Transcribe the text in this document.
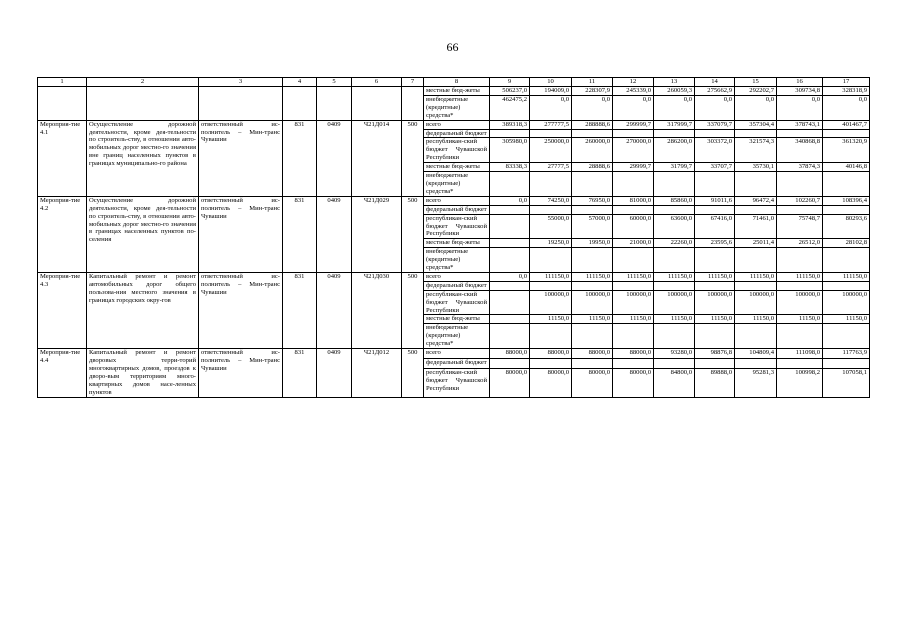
66
1	2	3	4	5	6	7	8	9	10	11	12	13	14	15	16	17
							местные бюд-жеты	506237,0	194009,0	228307,9	245339,0	260059,3	275662,9	292202,7	309734,8	328318,9
							внебюджетные (кредитные) средства*	462475,2	0,0	0,0	0,0	0,0	0,0	0,0	0,0	0,0
Мероприя-тие 4.1	Осуществление дорожной деятельности, кроме дея-тельности по строитель-ству, в отношении авто-мобильных дорог местно-го значения вне границ населенных пунктов в границах муниципально-го района	ответственный ис-полнитель – Мин-транс Чувашии	831	0409	Ч21Д014	500	всего	389318,3	277777,5	288888,6	299999,7	317999,7	337079,7	357304,4	378743,1	401467,7
							федеральный бюджет									
							республикан-ский бюджет Чувашской Республики	305980,0	250000,0	260000,0	270000,0	286200,0	303372,0	321574,3	340868,8	361320,9
							местные бюд-жеты	83338,3	27777,5	28888,6	29999,7	31799,7	33707,7	35730,1	37874,3	40146,8
							внебюджетные (кредитные) средства*									
Мероприя-тие 4.2	Осуществление дорожной деятельности, кроме дея-тельности по строитель-ству, в отношении авто-мобильных дорог местно-го значения в границах населенных пунктов по-селения	ответственный ис-полнитель – Мин-транс Чувашии	831	0409	Ч21Д029	500	всего	0,0	74250,0	76950,0	81000,0	85860,0	91011,6	96472,4	102260,7	108396,4
							федеральный бюджет									
							республикан-ский бюджет Чувашской Республики		55000,0	57000,0	60000,0	63600,0	67416,0	71461,0	75748,7	80293,6
							местные бюд-жеты		19250,0	19950,0	21000,0	22260,0	23595,6	25011,4	26512,0	28102,8
							внебюджетные (кредитные) средства*									
Мероприя-тие 4.3	Капитальный ремонт и ремонт автомобильных дорог общего пользова-ния местного значения в границах городских окру-гов	ответственный ис-полнитель – Мин-транс Чувашии	831	0409	Ч21Д030	500	всего	0,0	111150,0	111150,0	111150,0	111150,0	111150,0	111150,0	111150,0	111150,0
							федеральный бюджет									
							республикан-ский бюджет Чувашской Республики		100000,0	100000,0	100000,0	100000,0	100000,0	100000,0	100000,0	100000,0
							местные бюд-жеты		11150,0	11150,0	11150,0	11150,0	11150,0	11150,0	11150,0	11150,0
							внебюджетные (кредитные) средства*									
Мероприя-тие 4.4	Капитальный ремонт и ремонт дворовых терри-торий многоквартирных домов, проездов к дворо-вым территориям много-квартирных домов насе-ленных пунктов	ответственный ис-полнитель – Мин-транс Чувашии	831	0409	Ч21Д012	500	всего	88000,0	88000,0	88000,0	88000,0	93280,0	98876,8	104809,4	111098,0	117763,9
							федеральный бюджет									
							республикан-ский бюджет Чувашской Республики	80000,0	80000,0	80000,0	80000,0	84800,0	89888,0	95281,3	100998,2	107058,1
